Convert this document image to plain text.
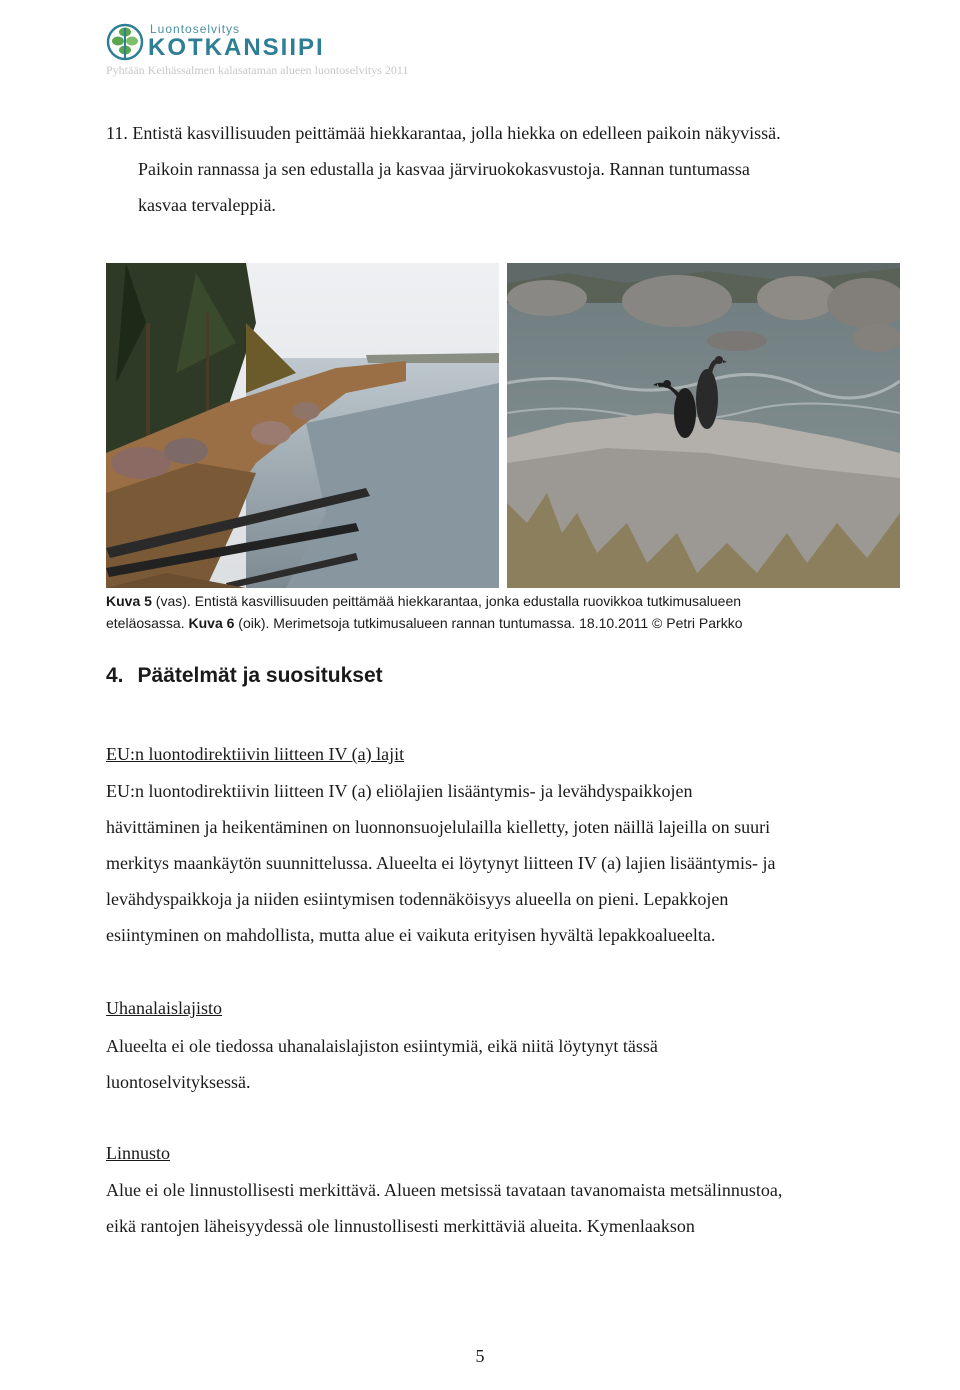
Luontoselvitys
KOTKANSIIPI
Pyhtään Keihässalmen kalasataman alueen luontoselvitys 2011
11. Entistä kasvillisuuden peittämää hiekkarantaa, jolla hiekka on edelleen paikoin näkyvissä.
Paikoin rannassa ja sen edustalla ja kasvaa järviruokokasvustoja. Rannan tuntumassa
kasvaa tervaleppiä.
Kuva 5 (vas). Entistä kasvillisuuden peittämää hiekkarantaa, jonka edustalla ruovikkoa tutkimusalueen
eteläosassa. Kuva 6 (oik). Merimetsoja tutkimusalueen rannan tuntumassa. 18.10.2011 © Petri Parkko
4. Päätelmät ja suositukset
EU:n luontodirektiivin liitteen IV (a) lajit
EU:n luontodirektiivin liitteen IV (a) eliölajien lisääntymis- ja levähdyspaikkojen
hävittäminen ja heikentäminen on luonnonsuojelulailla kielletty, joten näillä lajeilla on suuri
merkitys maankäytön suunnittelussa. Alueelta ei löytynyt liitteen IV (a) lajien lisääntymis- ja
levähdyspaikkoja ja niiden esiintymisen todennäköisyys alueella on pieni. Lepakkojen
esiintyminen on mahdollista, mutta alue ei vaikuta erityisen hyvältä lepakkoalueelta.
Uhanalaislajisto
Alueelta ei ole tiedossa uhanalaislajiston esiintymiä, eikä niitä löytynyt tässä
luontoselvityksessä.
Linnusto
Alue ei ole linnustollisesti merkittävä. Alueen metsissä tavataan tavanomaista metsälinnustoa,
eikä rantojen läheisyydessä ole linnustollisesti merkittäviä alueita. Kymenlaakson
5
